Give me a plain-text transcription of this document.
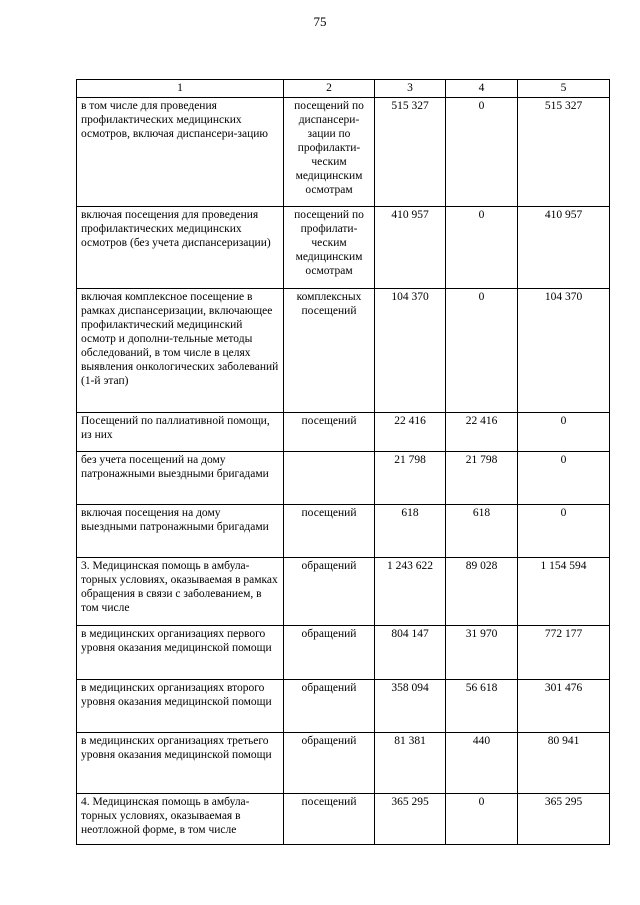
75
1	2	3	4	5
в том числе для проведения профилактических медицинских осмотров, включая диспансери-зацию	посещений по диспансери-зации по профилакти-ческим медицинским осмотрам	515 327	0	515 327
включая посещения для проведения профилактических медицинских осмотров (без учета диспансеризации)	посещений по профилати-ческим медицинским осмотрам	410 957	0	410 957
включая комплексное посещение в рамках диспансеризации, включающее профилактический медицинский осмотр и дополни-тельные методы обследований, в том числе в целях выявления онкологических заболеваний (1-й этап)	комплексных посещений	104 370	0	104 370
Посещений по паллиативной помощи, из них	посещений	22 416	22 416	0
без учета посещений на дому патронажными выездными бригадами		21 798	21 798	0
включая посещения на дому выездными патронажными бригадами	посещений	618	618	0
3. Медицинская помощь в амбула-торных условиях, оказываемая в рамках обращения в связи с заболеванием, в том числе	обращений	1 243 622	89 028	1 154 594
в медицинских организациях первого уровня оказания медицинской помощи	обращений	804 147	31 970	772 177
в медицинских организациях второго уровня оказания медицинской помощи	обращений	358 094	56 618	301 476
в медицинских организациях третьего уровня оказания медицинской помощи	обращений	81 381	440	80 941
4. Медицинская помощь в амбула-торных условиях, оказываемая в неотложной форме, в том числе	посещений	365 295	0	365 295
